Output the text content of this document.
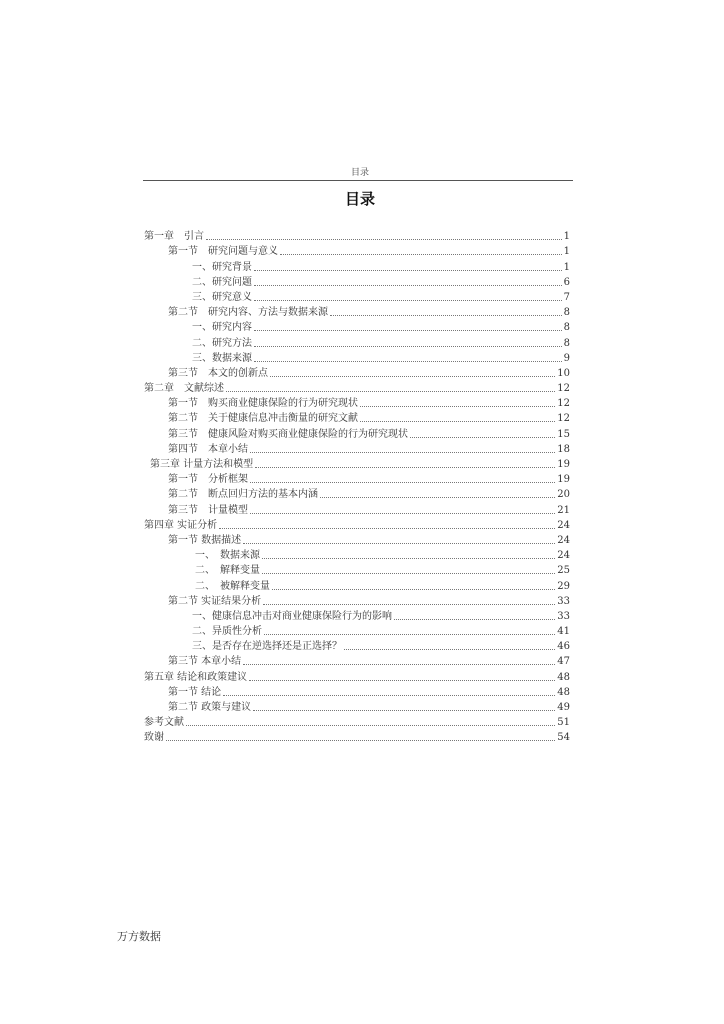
目录
目录
第一章　引言	1
第一节　研究问题与意义	1
一、研究背景	1
二、研究问题	6
三、研究意义	7
第二节　研究内容、方法与数据来源	8
一、研究内容	8
二、研究方法	8
三、数据来源	9
第三节　本文的创新点	10
第二章　文献综述	12
第一节　购买商业健康保险的行为研究现状	12
第二节　关于健康信息冲击衡量的研究文献	12
第三节　健康风险对购买商业健康保险的行为研究现状	15
第四节　本章小结	18
第三章 计量方法和模型	19
第一节　分析框架	19
第二节　断点回归方法的基本内涵	20
第三节　计量模型	21
第四章 实证分析	24
第一节 数据描述	24
一、　数据来源	24
二、　解释变量	25
二、　被解释变量	29
第二节 实证结果分析	33
一、健康信息冲击对商业健康保险行为的影响	33
二、异质性分析	41
三、是否存在逆选择还是正选择？	46
第三节 本章小结	47
第五章 结论和政策建议	48
第一节 结论	48
第二节 政策与建议	49
参考文献	51
致谢	54
万方数据
